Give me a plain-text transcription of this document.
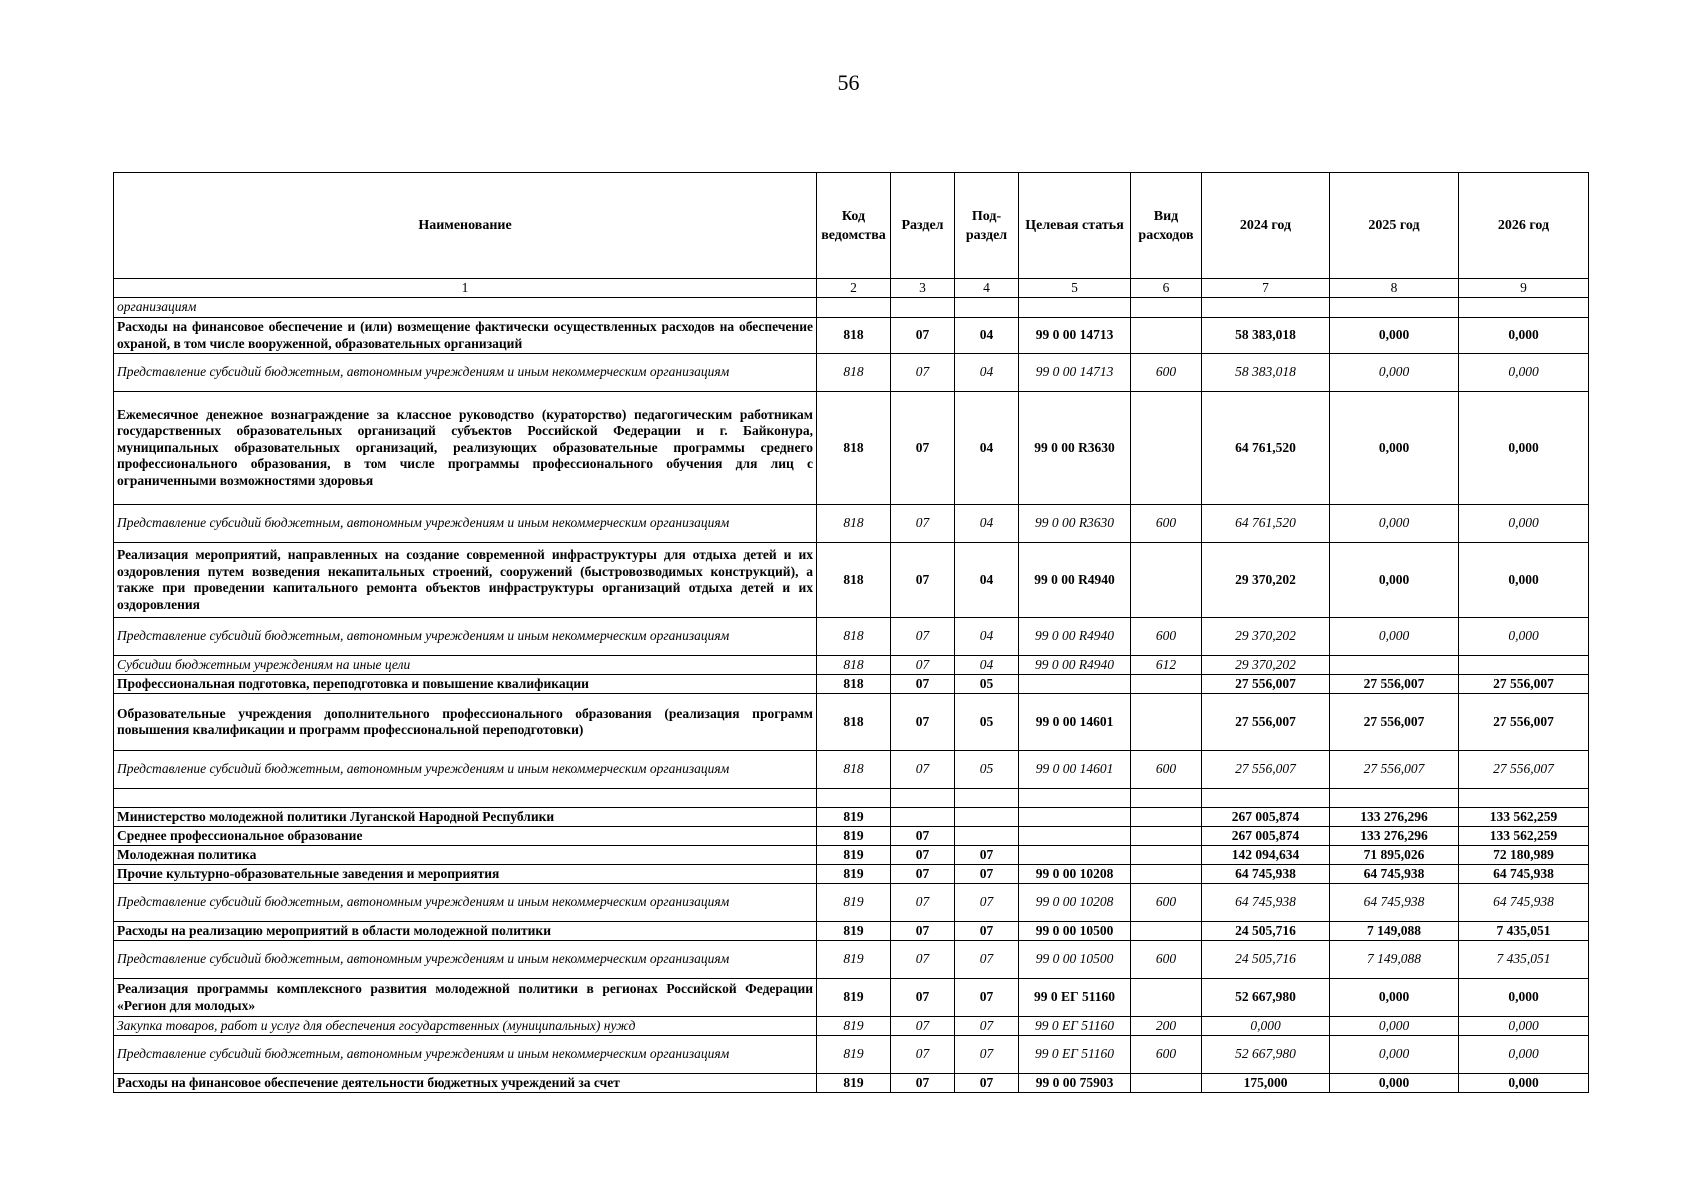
56
Наименование	Код ведомства	Раздел	Под-раздел	Целевая статья	Вид расходов	2024 год	2025 год	2026 год
1	2	3	4	5	6	7	8	9
организациям								
Расходы на финансовое обеспечение и (или) возмещение фактически осуществленных расходов на обеспечение охраной, в том числе вооруженной, образовательных организаций	818	07	04	99 0 00 14713		58 383,018	0,000	0,000
Представление субсидий бюджетным, автономным учреждениям и иным некоммерческим организациям	818	07	04	99 0 00 14713	600	58 383,018	0,000	0,000
Ежемесячное денежное вознаграждение за классное руководство (кураторство) педагогическим работникам государственных образовательных организаций субъектов Российской Федерации и г. Байконура, муниципальных образовательных организаций, реализующих образовательные программы среднего профессионального образования, в том числе программы профессионального обучения для лиц с ограниченными возможностями здоровья	818	07	04	99 0 00 R3630		64 761,520	0,000	0,000
Представление субсидий бюджетным, автономным учреждениям и иным некоммерческим организациям	818	07	04	99 0 00 R3630	600	64 761,520	0,000	0,000
Реализация мероприятий, направленных на создание современной инфраструктуры для отдыха детей и их оздоровления путем возведения некапитальных строений, сооружений (быстровозводимых конструкций), а также при проведении капитального ремонта объектов инфраструктуры организаций отдыха детей и их оздоровления	818	07	04	99 0 00 R4940		29 370,202	0,000	0,000
Представление субсидий бюджетным, автономным учреждениям и иным некоммерческим организациям	818	07	04	99 0 00 R4940	600	29 370,202	0,000	0,000
Субсидии бюджетным учреждениям на иные цели	818	07	04	99 0 00 R4940	612	29 370,202		
Профессиональная подготовка, переподготовка и повышение квалификации	818	07	05			27 556,007	27 556,007	27 556,007
Образовательные учреждения дополнительного профессионального образования (реализация программ повышения квалификации и программ профессиональной переподготовки)	818	07	05	99 0 00 14601		27 556,007	27 556,007	27 556,007
Представление субсидий бюджетным, автономным учреждениям и иным некоммерческим организациям	818	07	05	99 0 00 14601	600	27 556,007	27 556,007	27 556,007

Министерство молодежной политики Луганской Народной Республики	819					267 005,874	133 276,296	133 562,259
Среднее профессиональное образование	819	07				267 005,874	133 276,296	133 562,259
Молодежная политика	819	07	07			142 094,634	71 895,026	72 180,989
Прочие культурно-образовательные заведения и мероприятия	819	07	07	99 0 00 10208		64 745,938	64 745,938	64 745,938
Представление субсидий бюджетным, автономным учреждениям и иным некоммерческим организациям	819	07	07	99 0 00 10208	600	64 745,938	64 745,938	64 745,938
Расходы на реализацию мероприятий в области молодежной политики	819	07	07	99 0 00 10500		24 505,716	7 149,088	7 435,051
Представление субсидий бюджетным, автономным учреждениям и иным некоммерческим организациям	819	07	07	99 0 00 10500	600	24 505,716	7 149,088	7 435,051
Реализация программы комплексного развития молодежной политики в регионах Российской Федерации «Регион для молодых»	819	07	07	99 0 ЕГ 51160		52 667,980	0,000	0,000
Закупка товаров, работ и услуг для обеспечения государственных (муниципальных) нужд	819	07	07	99 0 ЕГ 51160	200	0,000	0,000	0,000
Представление субсидий бюджетным, автономным учреждениям и иным некоммерческим организациям	819	07	07	99 0 ЕГ 51160	600	52 667,980	0,000	0,000
Расходы на финансовое обеспечение деятельности бюджетных учреждений за счет	819	07	07	99 0 00 75903		175,000	0,000	0,000
